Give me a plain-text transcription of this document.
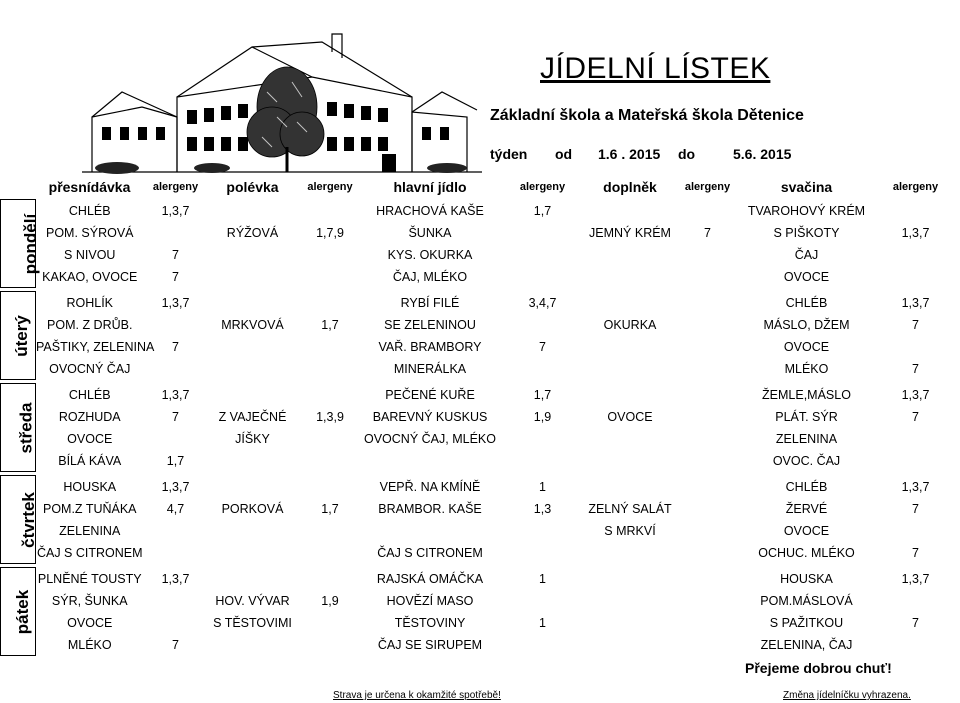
JÍDELNÍ LÍSTEK
Základní škola a Mateřská škola Dětenice
týden od 1.6 . 2015 do	5.6. 2015
	přesnídávka	alergeny	polévka	alergeny	hlavní jídlo	alergeny	doplněk	alergeny	svačina	alergeny
pondělí	CHLÉB	1,3,7			HRACHOVÁ KAŠE	1,7			TVAROHOVÝ KRÉM	
	POM. SÝROVÁ		RÝŽOVÁ	1,7,9	ŠUNKA		JEMNÝ KRÉM	7	S PIŠKOTY	1,3,7
	S NIVOU	7			KYS. OKURKA				ČAJ	
	KAKAO, OVOCE	7			ČAJ, MLÉKO				OVOCE	

úterý	ROHLÍK	1,3,7			RYBÍ FILÉ	3,4,7			CHLÉB	1,3,7
	POM. Z DRŮB.		MRKVOVÁ	1,7	SE ZELENINOU		OKURKA		MÁSLO, DŽEM	7
	PAŠTIKY, ZELENINA	7			VAŘ. BRAMBORY	7			OVOCE	
	OVOCNÝ ČAJ				MINERÁLKA				MLÉKO	7

středa	CHLÉB	1,3,7			PEČENÉ KUŘE	1,7			ŽEMLE,MÁSLO	1,3,7
	ROZHUDA	7	Z VAJEČNÉ	1,3,9	BAREVNÝ KUSKUS	1,9	OVOCE		PLÁT. SÝR	7
	OVOCE		JÍŠKY		OVOCNÝ ČAJ, MLÉKO				ZELENINA	
	BÍLÁ KÁVA	1,7							OVOC. ČAJ	

čtvrtek	HOUSKA	1,3,7			VEPŘ. NA KMÍNĚ	1			CHLÉB	1,3,7
	POM.Z TUŇÁKA	4,7	PORKOVÁ	1,7	BRAMBOR. KAŠE	1,3	ZELNÝ SALÁT		ŽERVÉ	7
	ZELENINA						S MRKVÍ		OVOCE	
	ČAJ S CITRONEM				ČAJ S CITRONEM				OCHUC. MLÉKO	7

pátek	PLNĚNÉ TOUSTY	1,3,7			RAJSKÁ OMÁČKA	1			HOUSKA	1,3,7
	SÝR, ŠUNKA		HOV. VÝVAR	1,9	HOVĚZÍ MASO				POM.MÁSLOVÁ	
	OVOCE		S TĚSTOVIMI		TĚSTOVINY	1			S PAŽITKOU	7
	MLÉKO	7			ČAJ SE SIRUPEM				ZELENINA, ČAJ	
Přejeme dobrou chuť!
Strava je určena k okamžité spotřebě!	Změna jídelníčku vyhrazena.
